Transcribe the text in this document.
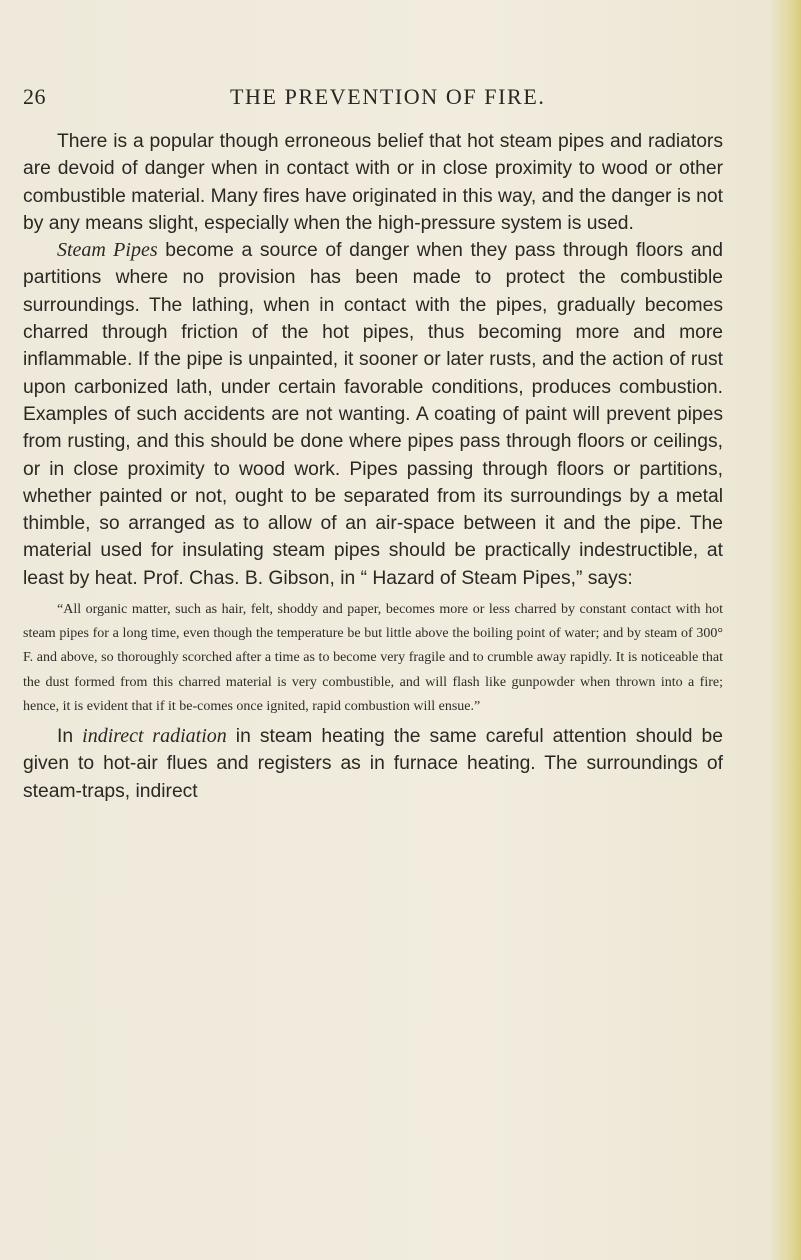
26	THE PREVENTION OF FIRE.

There is a popular though erroneous belief that hot steam pipes and radiators are devoid of danger when in contact with or in close proximity to wood or other combustible material. Many fires have originated in this way, and the danger is not by any means slight, especially when the high-pressure system is used.

Steam Pipes become a source of danger when they pass through floors and partitions where no provision has been made to protect the combustible surroundings. The lathing, when in contact with the pipes, gradually becomes charred through friction of the hot pipes, thus becoming more and more inflammable. If the pipe is unpainted, it sooner or later rusts, and the action of rust upon carbonized lath, under certain favorable conditions, produces combustion. Examples of such accidents are not wanting. A coating of paint will prevent pipes from rusting, and this should be done where pipes pass through floors or ceilings, or in close proximity to wood work. Pipes passing through floors or partitions, whether painted or not, ought to be separated from its surroundings by a metal thimble, so arranged as to allow of an air-space between it and the pipe. The material used for insulating steam pipes should be practically indestructible, at least by heat. Prof. Chas. B. Gibson, in “ Hazard of Steam Pipes,” says:

“All organic matter, such as hair, felt, shoddy and paper, becomes more or less charred by constant contact with hot steam pipes for a long time, even though the temperature be but little above the boiling point of water; and by steam of 300° F. and above, so thoroughly scorched after a time as to become very fragile and to crumble away rapidly. It is noticeable that the dust formed from this charred material is very combustible, and will flash like gunpowder when thrown into a fire; hence, it is evident that if it be-comes once ignited, rapid combustion will ensue.”

In indirect radiation in steam heating the same careful attention should be given to hot-air flues and registers as in furnace heating. The surroundings of steam-traps, indirect
